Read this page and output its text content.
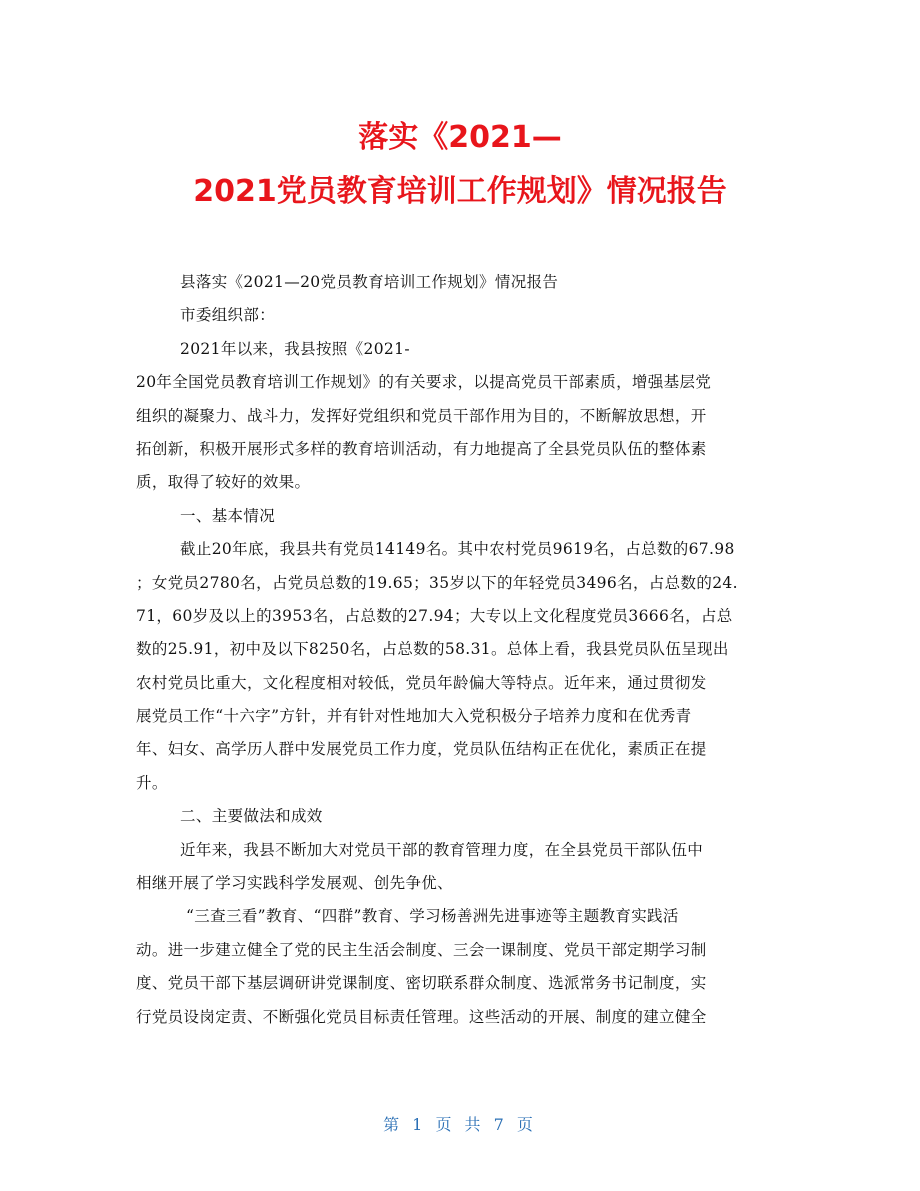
落实《2021—
2021党员教育培训工作规划》情况报告
县落实《2021—20党员教育培训工作规划》情况报告
市委组织部：
2021年以来，我县按照《2021-
20年全国党员教育培训工作规划》的有关要求，以提高党员干部素质，增强基层党
组织的凝聚力、战斗力，发挥好党组织和党员干部作用为目的，不断解放思想，开
拓创新，积极开展形式多样的教育培训活动，有力地提高了全县党员队伍的整体素
质，取得了较好的效果。
一、基本情况
截止20年底，我县共有党员14149名。其中农村党员9619名，占总数的67.98
；女党员2780名，占党员总数的19.65；35岁以下的年轻党员3496名，占总数的24.
71，60岁及以上的3953名，占总数的27.94；大专以上文化程度党员3666名，占总
数的25.91，初中及以下8250名，占总数的58.31。总体上看，我县党员队伍呈现出
农村党员比重大，文化程度相对较低，党员年龄偏大等特点。近年来，通过贯彻发
展党员工作“十六字”方针，并有针对性地加大入党积极分子培养力度和在优秀青
年、妇女、高学历人群中发展党员工作力度，党员队伍结构正在优化，素质正在提
升。
二、主要做法和成效
近年来，我县不断加大对党员干部的教育管理力度，在全县党员干部队伍中
相继开展了学习实践科学发展观、创先争优、
“三查三看”教育、“四群”教育、学习杨善洲先进事迹等主题教育实践活
动。进一步建立健全了党的民主生活会制度、三会一课制度、党员干部定期学习制
度、党员干部下基层调研讲党课制度、密切联系群众制度、选派常务书记制度，实
行党员设岗定责、不断强化党员目标责任管理。这些活动的开展、制度的建立健全
第 1 页 共 7 页
